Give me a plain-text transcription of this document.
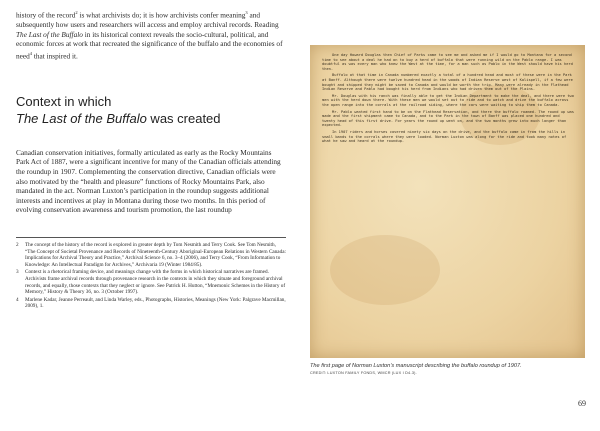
history of the record$^2$ is what archivists do; it is how archivists confer meaning$^3$ and subsequently how users and researchers will access and employ archival records. Reading The Last of the Buffalo in its historical context reveals the socio-cultural, political, and economic forces at work that recreated the significance of the buffalo and the economies of need$^4$ that inspired it.

Context in which
The Last of the Buffalo was created

Canadian conservation initiatives, formally articulated as early as the Rocky Mountains Park Act of 1887, were a significant incentive for many of the Canadian officials attending the roundup in 1907. Complementing the conservation directive, Canadian officials were also motivated by the “health and pleasure” functions of Rocky Mountains Park, also mandated in the act. Norman Luxton’s participation in the roundup suggests additional interests and incentives at play in Montana during those two months. In this period of evolving conservation awareness and tourism promotion, the last roundup

2	The concept of the history of the record is explored in greater depth by Tom Nesmith and Terry Cook. See Tom Nesmith, “The Concept of Societal Provenance and Records of Nineteenth-Century Aboriginal-European Relations in Western Canada: Implications for Archival Theory and Practice,” Archival Science 6, no. 3–4 (2006), and Terry Cook, “From Information to Knowledge: An Intellectual Paradigm for Archives,” Archivaria 19 (Winter 1984/85).
3	Context is a rhetorical framing device, and meanings change with the forms in which historical narratives are framed. Archivists frame archival records through provenance research in the contexts in which they situate and foreground archival records, and equally, those contexts that they neglect or ignore. See Patrick H. Hutton, “Mnemonic Schemes in the History of Memory,” History & Theory 36, no. 3 (October 1997).
4	Marlene Kadar, Jeanne Perreault, and Linda Warley, eds., Photographs, Histories, Meanings (New York: Palgrave Macmillan, 2009), 1.

One day Howard Douglas then Chief of Parks came to see me and asked me if I would go to Montana for a second time to see about a deal he had on to buy a herd of buffalo that were running wild on the Pablo range. I was doubtful as was every man who knew the West at the time, for a man such as Pablo in the West should have his herd then.

Buffalo at that time in Canada numbered exactly a total of a hundred head and most of these were in the Park at Banff. Although there were twelve hundred head in the woods of Indian Reserve west of Kalispell, if a few were bought and shipped they might be saved to Canada and would be worth the trip. Many were already in the Flathead Indian Reserve and Pablo had bought his herd from Indians who had driven them out of the Plains.

Mr. Douglas with his ranch was finally able to get the Indian Department to make the deal, and there were two men with the herd down there. With these men we would set out to ride and to watch and drive the buffalo across the open range into the corrals at the railroad siding, where the cars were waiting to ship them to Canada.

Mr. Pablo wanted first hand to be on the Flathead Reservation, and there the buffalo roamed. The round up was made and the first shipment came to Canada, and to the Park in the town of Banff was placed one hundred and twenty head of this first drive. For years the round up went on, and the two months grew into much longer than expected.

In 1907 riders and horses covered ninety six days on the drive, and the buffalo came in from the hills in small bands to the corrals where they were loaded. Norman Luxton was along for the ride and took many notes of what he saw and heard at the roundup.

The first page of Norman Luxton’s manuscript describing the buffalo roundup of 1907.
CREDIT: LUXTON FAMILY FONDS, WMCR (LUX I D4-3).
69
